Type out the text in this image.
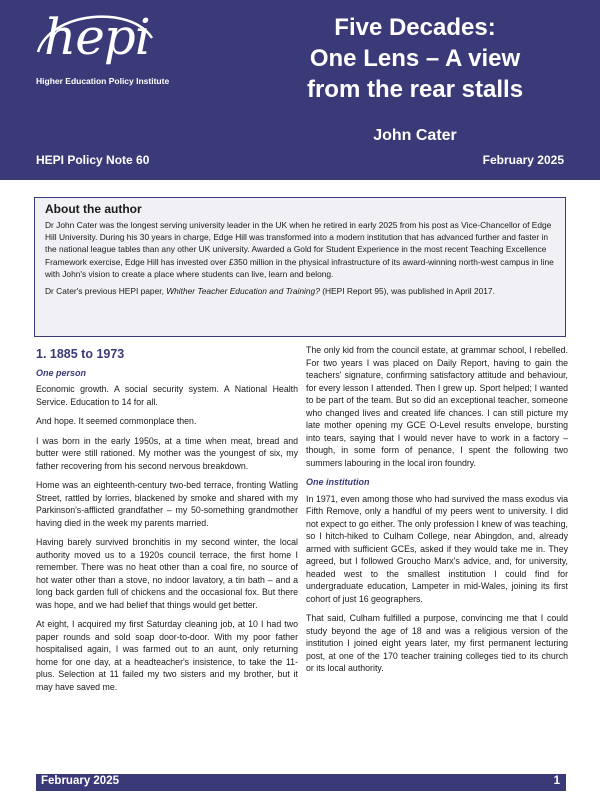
hepi
Higher Education Policy Institute
Five Decades:
One Lens – A view
from the rear stalls
John Cater
HEPI Policy Note 60	February 2025
About the author

Dr John Cater was the longest serving university leader in the UK when he retired in early 2025 from his post as Vice-Chancellor of Edge Hill University. During his 30 years in charge, Edge Hill was transformed into a modern institution that has advanced further and faster in the national league tables than any other UK university. Awarded a Gold for Student Experience in the most recent Teaching Excellence Framework exercise, Edge Hill has invested over £350 million in the physical infrastructure of its award-winning north-west campus in line with John's vision to create a place where students can live, learn and belong.

Dr Cater's previous HEPI paper, Whither Teacher Education and Training? (HEPI Report 95), was published in April 2017.

1. 1885 to 1973
One person

Economic growth. A social security system. A National Health Service. Education to 14 for all.

And hope. It seemed commonplace then.

I was born in the early 1950s, at a time when meat, bread and butter were still rationed. My mother was the youngest of six, my father recovering from his second nervous breakdown.

Home was an eighteenth-century two-bed terrace, fronting Watling Street, rattled by lorries, blackened by smoke and shared with my Parkinson's-afflicted grandfather – my 50-something grandmother having died in the week my parents married.

Having barely survived bronchitis in my second winter, the local authority moved us to a 1920s council terrace, the first home I remember. There was no heat other than a coal fire, no source of hot water other than a stove, no indoor lavatory, a tin bath – and a long back garden full of chickens and the occasional fox. But there was hope, and we had belief that things would get better.

At eight, I acquired my first Saturday cleaning job, at 10 I had two paper rounds and sold soap door-to-door. With my poor father hospitalised again, I was farmed out to an aunt, only returning home for one day, at a headteacher's insistence, to take the 11-plus. Selection at 11 failed my two sisters and my brother, but it may have saved me.

The only kid from the council estate, at grammar school, I rebelled. For two years I was placed on Daily Report, having to gain the teachers' signature, confirming satisfactory attitude and behaviour, for every lesson I attended. Then I grew up. Sport helped; I wanted to be part of the team. But so did an exceptional teacher, someone who changed lives and created life chances. I can still picture my late mother opening my GCE O-Level results envelope, bursting into tears, saying that I would never have to work in a factory – though, in some form of penance, I spent the following two summers labouring in the local iron foundry.

One institution

In 1971, even among those who had survived the mass exodus via Fifth Remove, only a handful of my peers went to university. I did not expect to go either. The only profession I knew of was teaching, so I hitch-hiked to Culham College, near Abingdon, and, already armed with sufficient GCEs, asked if they would take me in. They agreed, but I followed Groucho Marx's advice, and, for university, headed west to the smallest institution I could find for undergraduate education, Lampeter in mid-Wales, joining its first cohort of just 16 geographers.

That said, Culham fulfilled a purpose, convincing me that I could study beyond the age of 18 and was a religious version of the institution I joined eight years later, my first permanent lecturing post, at one of the 170 teacher training colleges tied to its church or its local authority.

February 2025	1
